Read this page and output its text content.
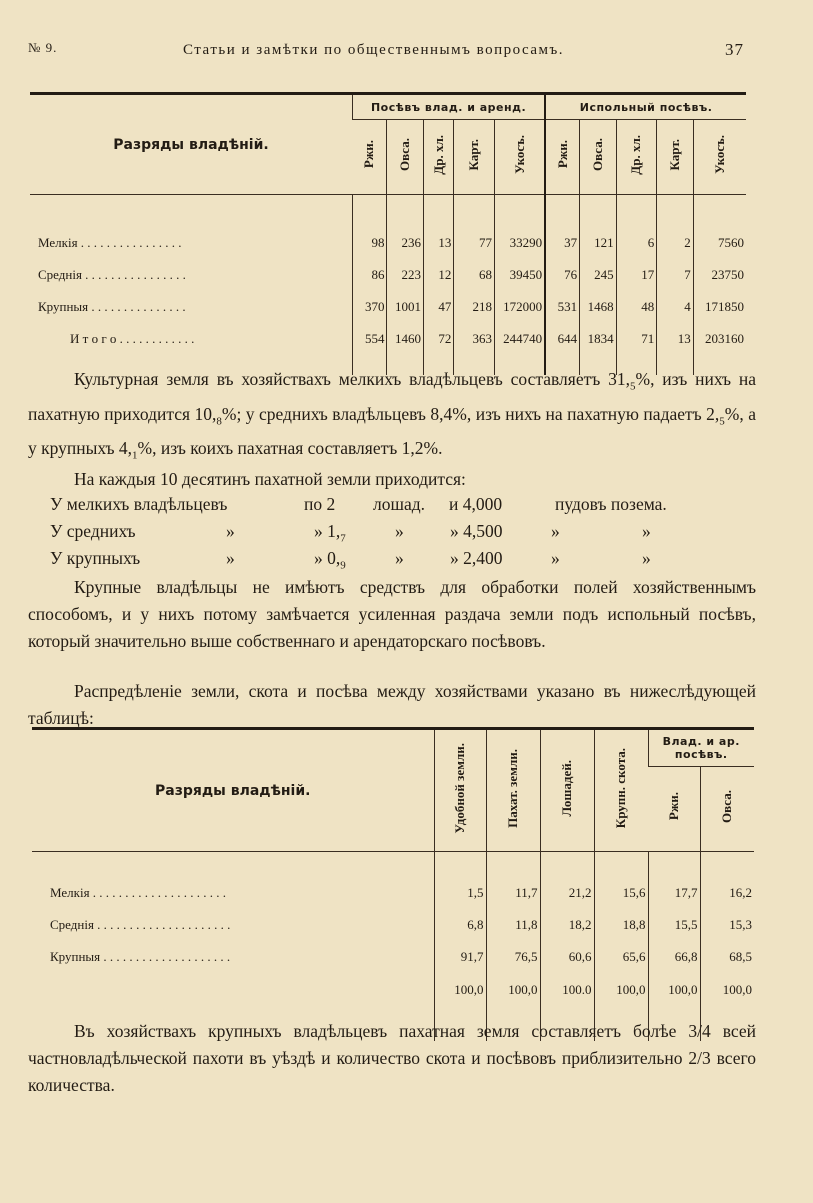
№ 9.	Статьи и замѣтки по общественнымъ вопросамъ.	37
Разряды владѣній.	Посѣвъ влад. и аренд.					Испольный посѣвъ.				
	Ржи.	Овса.	Др. хл.	Карт.	Укосъ.	Ржи.	Овса.	Др. хл.	Карт.	Укосъ.

Мелкія . . . . . . . . . . . . . . . .	98	236	13	77	33290	37	121	6	2	7560
Среднія . . . . . . . . . . . . . . . .	86	223	12	68	39450	76	245	17	7	23750
Крупныя . . . . . . . . . . . . . . .	370	1001	47	218	172000	531	1468	48	4	171850
И т о г о . . . . . . . . . . . .	554	1460	72	363	244740	644	1834	71	13	203160

Культурная земля въ хозяйствахъ мелкихъ владѣльцевъ составляетъ $31,_5\%$, изъ нихъ на пахатную приходится $10,_8\%$; у среднихъ владѣльцевъ 8,4%, изъ нихъ на пахатную падаетъ $2,_5\%$, а у крупныхъ $4,_1\%$, изъ коихъ пахатная составляетъ 1,2%.
На каждыя 10 десятинъ пахатной земли приходится:
У мелкихъ владѣльцевъ	по 2 лошад. и 4,000	пудовъ позема.
У среднихъ	»	» $1,_7$	»	» 4,500	»	»
У крупныхъ	»	» $0,_9$	»	» 2,400	»	»
Крупные владѣльцы не имѣютъ средствъ для обработки полей хозяйственнымъ способомъ, и у нихъ потому замѣчается усиленная раздача земли подъ испольный посѣвъ, который значительно выше собственнаго и арендаторскаго посѣвовъ.
Распредѣленіе земли, скота и посѣва между хозяйствами указано въ нижеслѣдующей таблицѣ:
Разряды владѣній.	Удобной земли.	Пахат. земли.	Лошадей.	Крупн. скота.	Влад. и ар. посѣвъ.	
					Ржи.	Овса.

Мелкія . . . . . . . . . . . . . . . . . . . . .	1,5	11,7	21,2	15,6	17,7	16,2
Среднія . . . . . . . . . . . . . . . . . . . . .	6,8	11,8	18,2	18,8	15,5	15,3
Крупныя . . . . . . . . . . . . . . . . . . . .	91,7	76,5	60,6	65,6	66,8	68,5
	100,0	100,0	100.0	100,0	100,0	100,0

Въ хозяйствахъ крупныхъ владѣльцевъ пахатная земля составляетъ болѣе 3/4 всей частновладѣльческой пахоти въ уѣздѣ и количество скота и посѣвовъ приблизительно 2/3 всего количества.
